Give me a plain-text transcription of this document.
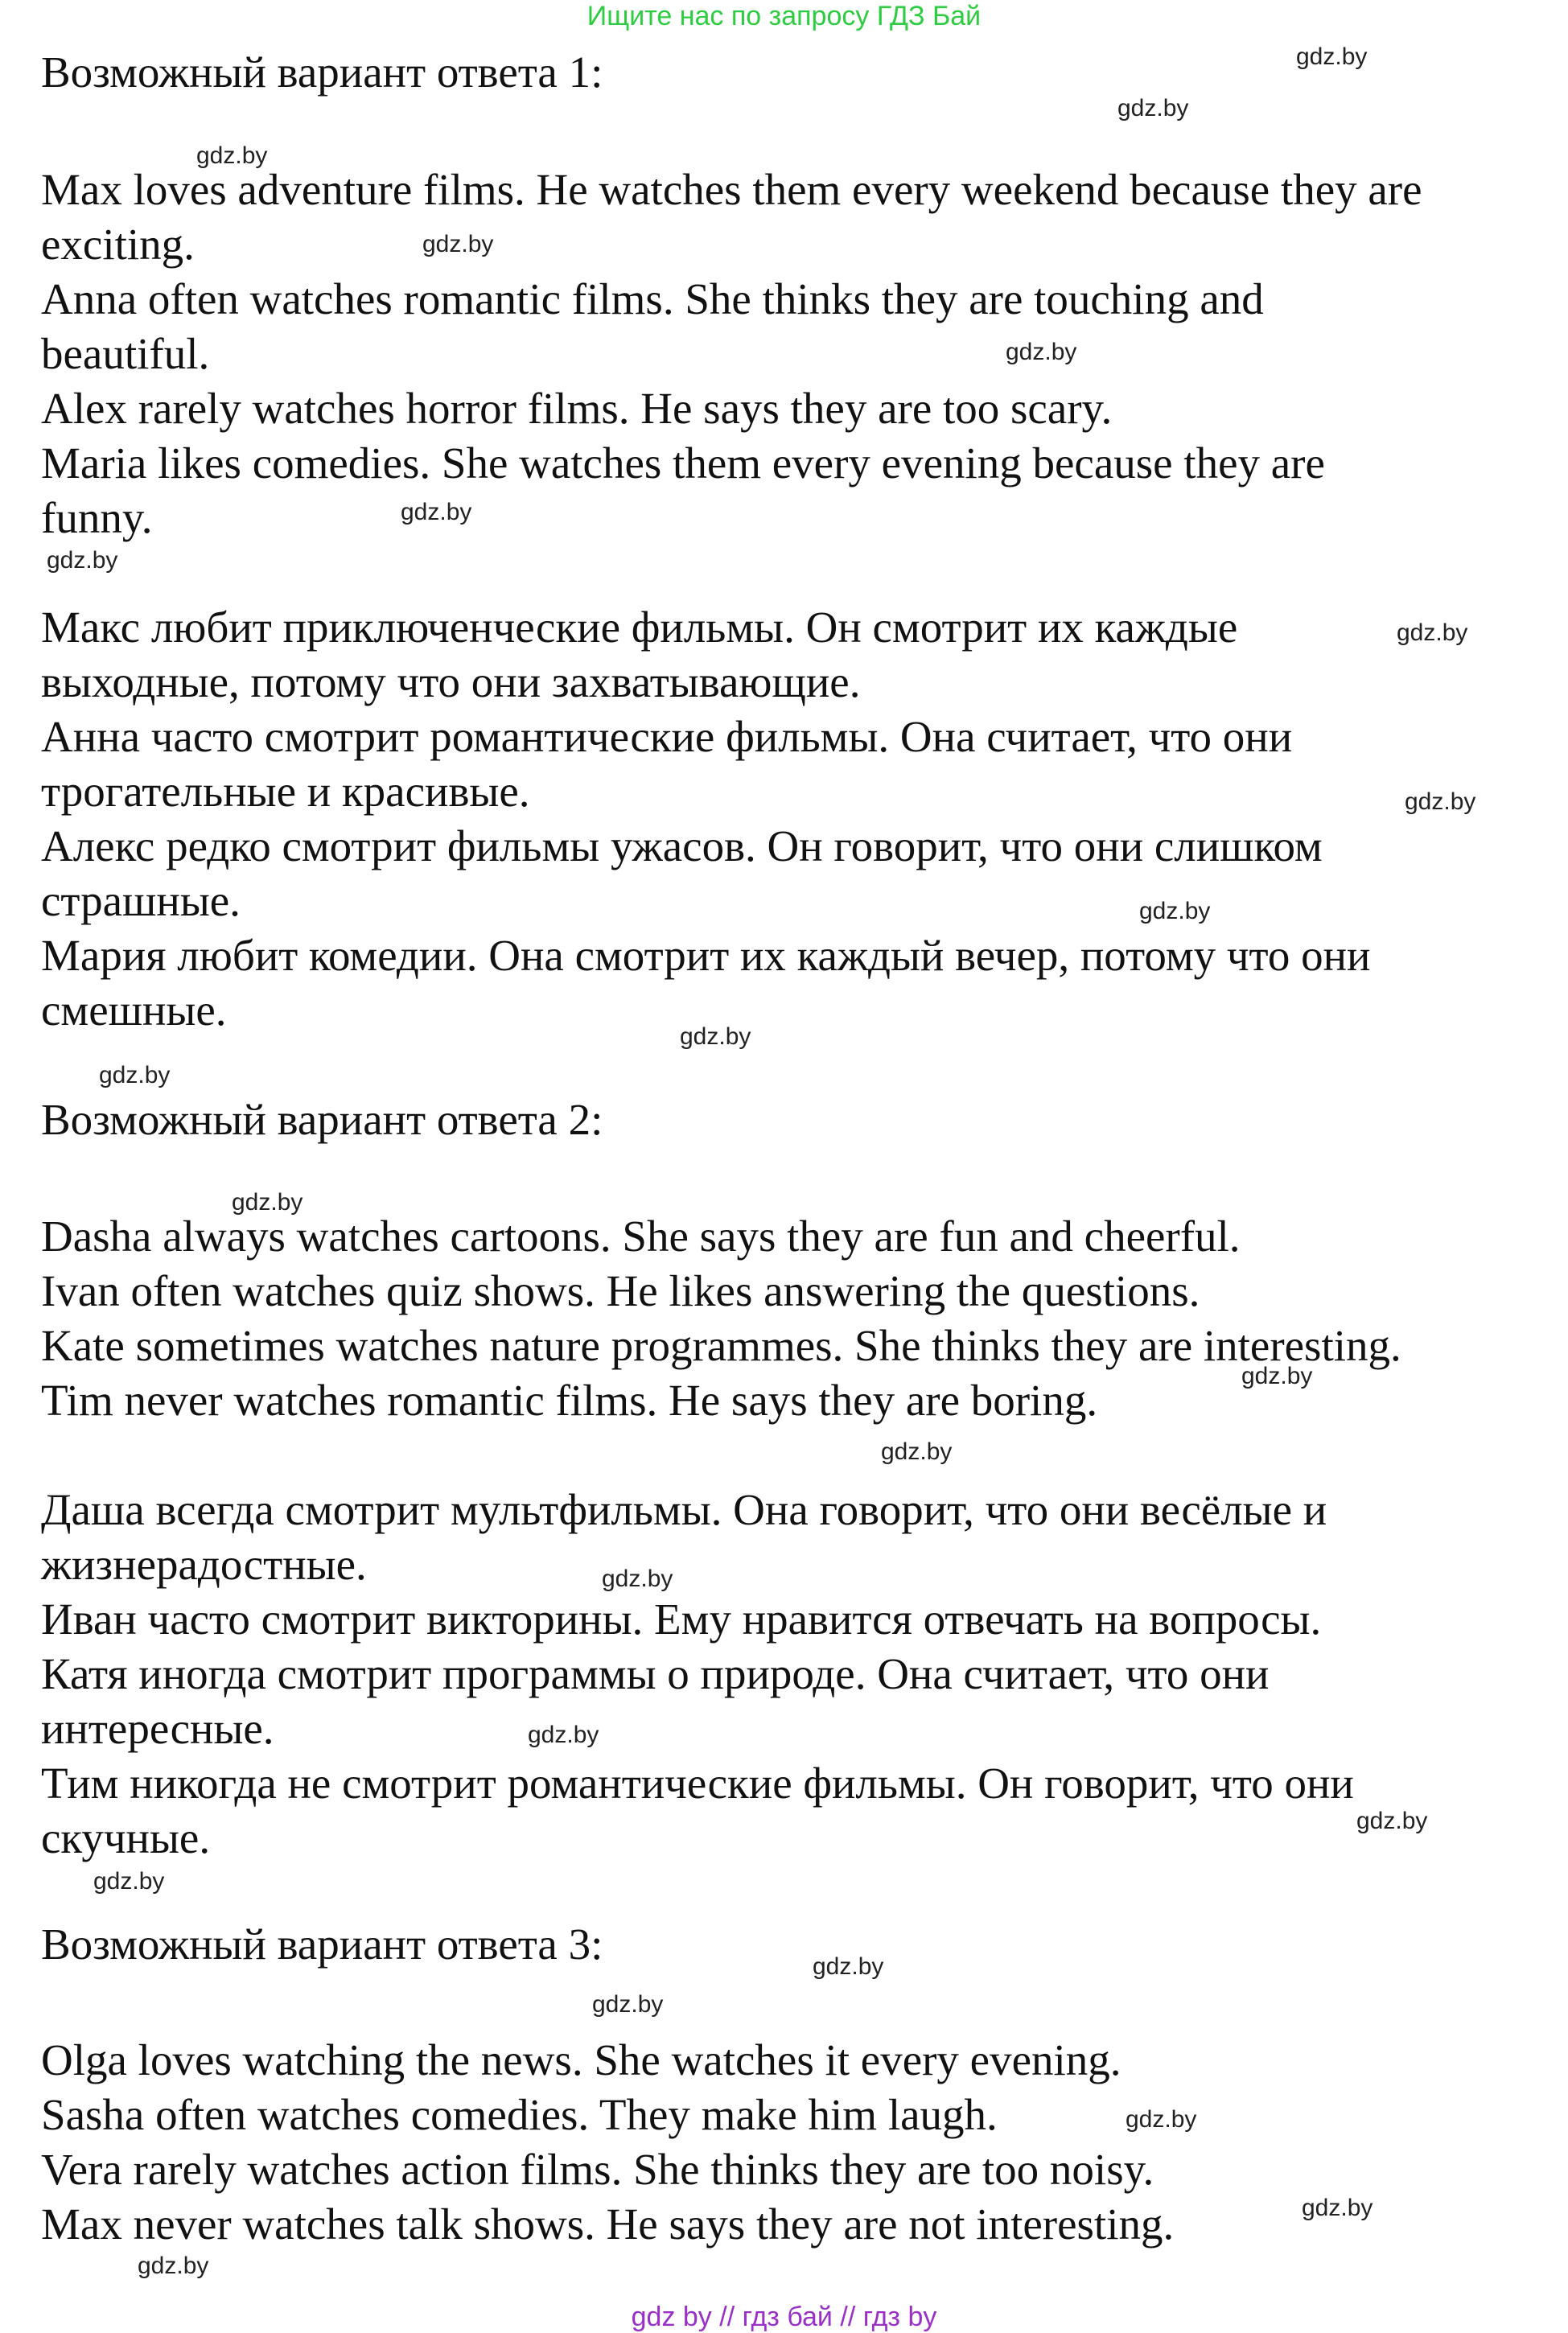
Ищите нас по запросу ГДЗ Бай
Возможный вариант ответа 1:
Max loves adventure films. He watches them every weekend because they are
exciting.
Anna often watches romantic films. She thinks they are touching and
beautiful.
Alex rarely watches horror films. He says they are too scary.
Maria likes comedies. She watches them every evening because they are
funny.
Макс любит приключенческие фильмы. Он смотрит их каждые
выходные, потому что они захватывающие.
Анна часто смотрит романтические фильмы. Она считает, что они
трогательные и красивые.
Алекс редко смотрит фильмы ужасов. Он говорит, что они слишком
страшные.
Мария любит комедии. Она смотрит их каждый вечер, потому что они
смешные.
Возможный вариант ответа 2:
Dasha always watches cartoons. She says they are fun and cheerful.
Ivan often watches quiz shows. He likes answering the questions.
Kate sometimes watches nature programmes. She thinks they are interesting.
Tim never watches romantic films. He says they are boring.
Даша всегда смотрит мультфильмы. Она говорит, что они весёлые и
жизнерадостные.
Иван часто смотрит викторины. Ему нравится отвечать на вопросы.
Катя иногда смотрит программы о природе. Она считает, что они
интересные.
Тим никогда не смотрит романтические фильмы. Он говорит, что они
скучные.
Возможный вариант ответа 3:
Olga loves watching the news. She watches it every evening.
Sasha often watches comedies. They make him laugh.
Vera rarely watches action films. She thinks they are too noisy.
Max never watches talk shows. He says they are not interesting.
gdz.by
gdz.by
gdz.by
gdz.by
gdz.by
gdz.by
gdz.by
gdz.by
gdz.by
gdz.by
gdz.by
gdz.by
gdz.by
gdz.by
gdz.by
gdz.by
gdz.by
gdz.by
gdz.by
gdz.by
gdz.by
gdz.by
gdz.by
gdz.by
gdz by // гдз бай // гдз by
